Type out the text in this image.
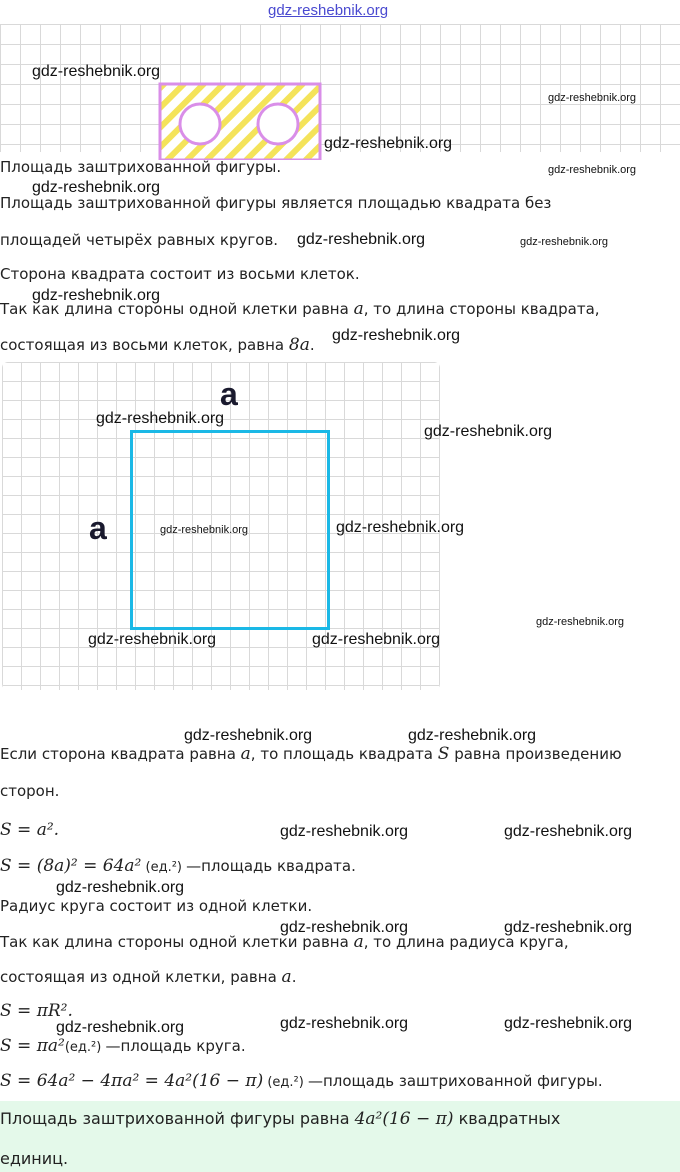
gdz-reshebnik.org
Площадь заштрихованной фигуры.
Площадь заштрихованной фигуры является площадью квадрата без
площадей четырёх равных кругов.
Сторона квадрата состоит из восьми клеток.
Так как длина стороны одной клетки равна a, то длина стороны квадрата,
состоящая из восьми клеток, равна 8a.
a
a
Если сторона квадрата равна a, то площадь квадрата S равна произведению
сторон.
S = a².
S = (8a)² = 64a² (ед.²) —площадь квадрата.
Радиус круга состоит из одной клетки.
Так как длина стороны одной клетки равна a, то длина радиуса круга,
состоящая из одной клетки, равна a.
S = πR².
S = πa²(ед.²) —площадь круга.
S = 64a² − 4πa² = 4a²(16 − π) (ед.²) —площадь заштрихованной фигуры.
Площадь заштрихованной фигуры равна 4a²(16 − π) квадратных
единиц.
gdz-reshebnik.org
gdz-reshebnik.org
gdz-reshebnik.org
gdz-reshebnik.org
gdz-reshebnik.org
gdz-reshebnik.org	gdz-reshebnik.org
gdz-reshebnik.org
gdz-reshebnik.org
gdz-reshebnik.org
gdz-reshebnik.org
gdz-reshebnik.org	gdz-reshebnik.org
gdz-reshebnik.org
gdz-reshebnik.org	gdz-reshebnik.org
gdz-reshebnik.org	gdz-reshebnik.org
gdz-reshebnik.org	gdz-reshebnik.org
gdz-reshebnik.org
gdz-reshebnik.org	gdz-reshebnik.org
gdz-reshebnik.org	gdz-reshebnik.org	gdz-reshebnik.org
